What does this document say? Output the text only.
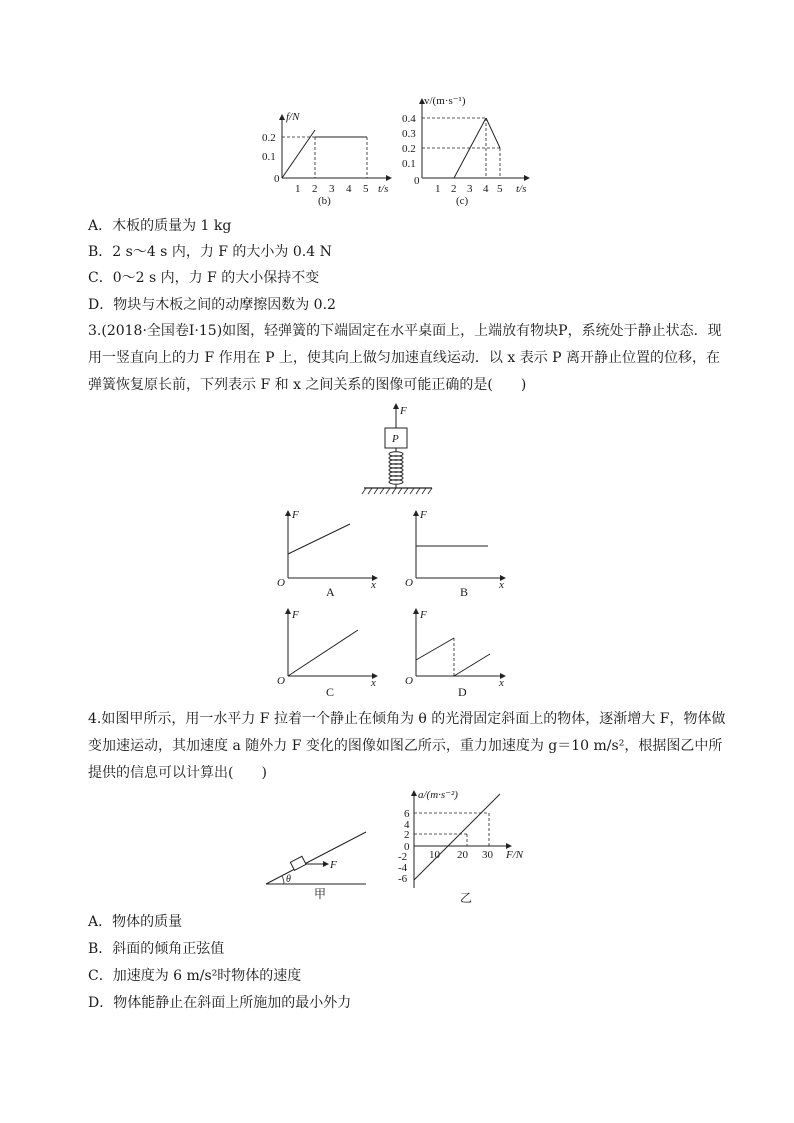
f/N
0.2
0.1
0
1 2 3 4 5 t/s
(b)
v/(m·s⁻¹)
0.4
0.3
0.2
0.1
0
1 2 3 4 5 t/s
(c)
A．木板的质量为 1 kg
B．2 s～4 s 内，力 F 的大小为 0.4 N
C．0～2 s 内，力 F 的大小保持不变
D．物块与木板之间的动摩擦因数为 0.2
3.(2018·全国卷Ⅰ·15)如图，轻弹簧的下端固定在水平桌面上，上端放有物块P，系统处于静止状态．现用一竖直向上的力 F 作用在 P 上，使其向上做匀加速直线运动．以 x 表示 P 离开静止位置的位移，在弹簧恢复原长前，下列表示 F 和 x 之间关系的图像可能正确的是(　　)
F
P
F
O	x
A
F
O	x
B
F
O	x
C
F
O	x
D
4.如图甲所示，用一水平力 F 拉着一个静止在倾角为 θ 的光滑固定斜面上的物体，逐渐增大 F，物体做变加速运动，其加速度 a 随外力 F 变化的图像如图乙所示，重力加速度为 g＝10 m/s²，根据图乙中所提供的信息可以计算出(　　)
F
θ
甲
a/(m·s⁻²)
6
4
2
0
-2
-4
-6
10 20 30 F/N
乙
A．物体的质量
B．斜面的倾角正弦值
C．加速度为 6 m/s²时物体的速度
D．物体能静止在斜面上所施加的最小外力
